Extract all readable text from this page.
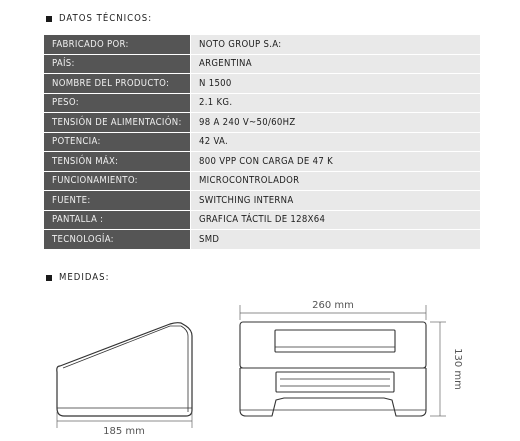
DATOS TÉCNICOS:
FABRICADO POR:	NOTO GROUP S.A:
PAÍS:	ARGENTINA
NOMBRE DEL PRODUCTO:	N 1500
PESO:	2.1 KG.
TENSIÓN DE ALIMENTACIÓN:	98 A 240 V~50/60HZ
POTENCIA:	42 VA.
TENSIÓN MÁX:	800 VPP CON CARGA DE 47 K
FUNCIONAMIENTO:	MICROCONTROLADOR
FUENTE:	SWITCHING INTERNA
PANTALLA :	GRAFICA TÁCTIL DE 128X64
TECNOLOGÍA:	SMD
MEDIDAS:
185 mm
260 mm
130 mm
